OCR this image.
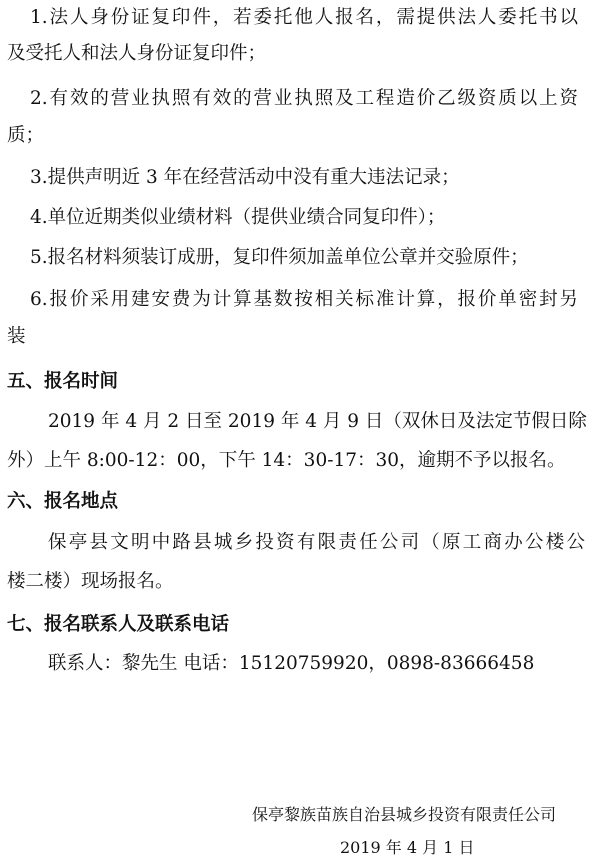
1.法人身份证复印件，若委托他人报名，需提供法人委托书以
及受托人和法人身份证复印件；
2.有效的营业执照有效的营业执照及工程造价乙级资质以上资
质；
3.提供声明近 3 年在经营活动中没有重大违法记录；
4.单位近期类似业绩材料（提供业绩合同复印件）；
5.报名材料须装订成册，复印件须加盖单位公章并交验原件；
6.报价采用建安费为计算基数按相关标准计算，报价单密封另
装
五、报名时间
2019 年 4 月 2 日至 2019 年 4 月 9 日（双休日及法定节假日除
外）上午 8:00-12：00，下午 14：30-17：30，逾期不予以报名。
六、报名地点
保亭县文明中路县城乡投资有限责任公司（原工商办公楼公
楼二楼）现场报名。
七、报名联系人及联系电话
联系人：黎先生 电话：15120759920，0898-83666458
保亭黎族苗族自治县城乡投资有限责任公司
2019 年 4 月 1 日
